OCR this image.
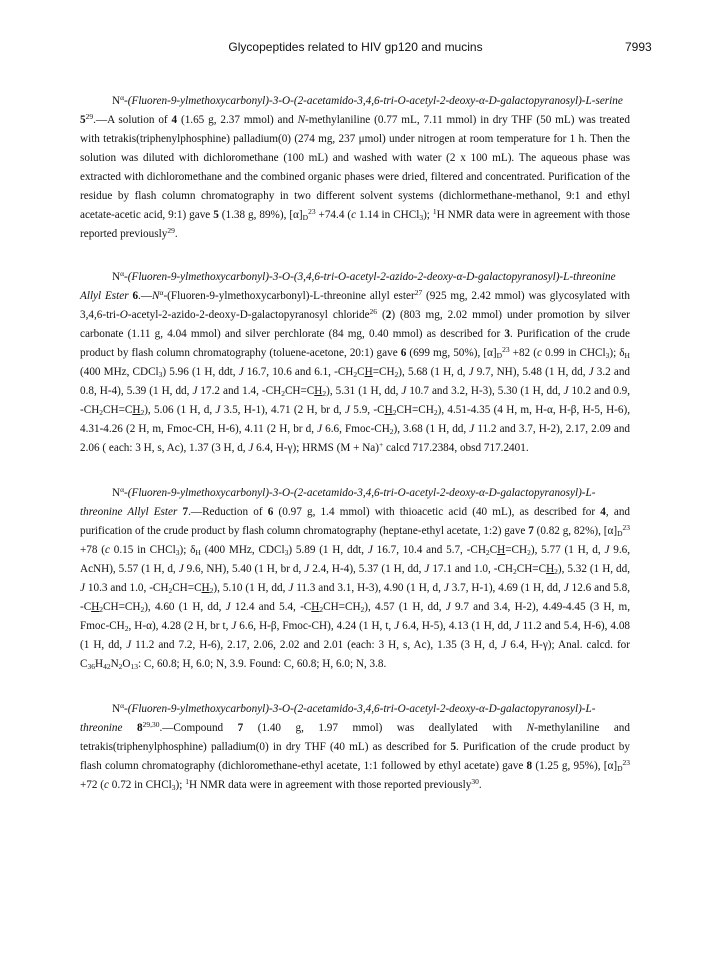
Glycopeptides related to HIV gp120 and mucins	7993

$N^\alpha-(Fluoren-9-ylmethoxycarbonyl)-3-O-(2-acetamido-3,4,6-tri-O-acetyl-2-deoxy-\alpha-D-galactopyranosyl)-L$-serine $5^{29}.—A$ solution of 4 (1.65 g, 2.37 mmol) and N-methylaniline (0.77 mL, 7.11 mmol) in dry THF (50 mL) was treated with tetrakis(triphenylphosphine) palladium(0) (274 mg, 237 μmol) under nitrogen at room temperature for 1 h. Then the solution was diluted with dichloromethane (100 mL) and washed with water (2 x 100 mL). The aqueous phase was extracted with dichloromethane and the combined organic phases were dried, filtered and concentrated. Purification of the residue by flash column chromatography in two different solvent systems (dichlormethane-methanol, 9:1 and ethyl acetate-acetic acid, 9:1) gave 5 (1.38 g, 89%), $[\alpha]_D^{23} +74.4$ (c 1.14 in CHCl$_3$); $^1$H NMR data were in agreement with those reported previously$^{29}$.

$N^\alpha-(Fluoren-9-ylmethoxycarbonyl)-3-O-(3,4,6-tri-O-acetyl-2-azido-2-deoxy-\alpha-D-galactopyranosyl)-L$-threonine Allyl Ester $6.—N^\alpha-(Fluoren-9-ylmethoxycarbonyl)-L$-threonine allyl ester$^{27}$ (925 mg, 2.42 mmol) was glycosylated with 3,4,6-tri-O-acetyl-2-azido-2-deoxy-D-galactopyranosyl chloride$^{26}$ (2) (803 mg, 2.02 mmol) under promotion by silver carbonate (1.11 g, 4.04 mmol) and silver perchlorate (84 mg, 0.40 mmol) as described for 3. Purification of the crude product by flash column chromatography (toluene-acetone, 20:1) gave 6 (699 mg, 50%), $[\alpha]_D^{23} +82$ (c 0.99 in CHCl$_3$); $\delta_H$ (400 MHz, CDCl$_3$) 5.96 (1 H, ddt, J 16.7, 10.6 and 6.1, $-CH_2CH=CH_2$), 5.68 (1 H, d, J 9.7, NH), 5.48 (1 H, dd, J 3.2 and 0.8, H-4), 5.39 (1 H, dd, J 17.2 and 1.4, $-CH_2CH=CH_2$), 5.31 (1 H, dd, J 10.7 and 3.2, H-3), 5.30 (1 H, dd, J 10.2 and 0.9, $-CH_2CH=CH_2$), 5.06 (1 H, d, J 3.5, H-1), 4.71 (2 H, br d, J 5.9, $-CH_2CH=CH_2$), 4.51-4.35 (4 H, m, H-α, H-β, H-5, H-6), 4.31-4.26 (2 H, m, Fmoc-CH, H-6), 4.11 (2 H, br d, J 6.6, Fmoc-$CH_2$), 3.68 (1 H, dd, J 11.2 and 3.7, H-2), 2.17, 2.09 and 2.06 ( each: 3 H, s, Ac), 1.37 (3 H, d, J 6.4, H-γ); HRMS (M + Na)+ calcd 717.2384, obsd 717.2401.

$N^\alpha-(Fluoren-9-ylmethoxycarbonyl)-3-O-(2-acetamido-3,4,6-tri-O-acetyl-2-deoxy-\alpha-D-galactopyranosyl)-L$-threonine Allyl Ester 7.—Reduction of 6 (0.97 g, 1.4 mmol) with thioacetic acid (40 mL), as described for 4, and purification of the crude product by flash column chromatography (heptane-ethyl acetate, 1:2) gave 7 (0.82 g, 82%), $[\alpha]_D^{23} +78$ (c 0.15 in CHCl$_3$); $\delta_H$ (400 MHz, CDCl$_3$) 5.89 (1 H, ddt, J 16.7, 10.4 and 5.7, $-CH_2CH=CH_2$), 5.77 (1 H, d, J 9.6, AcNH), 5.57 (1 H, d, J 9.6, NH), 5.40 (1 H, br d, J 2.4, H-4), 5.37 (1 H, dd, J 17.1 and 1.0, $-CH_2CH=CH_2$), 5.32 (1 H, dd, J 10.3 and 1.0, $-CH_2CH=CH_2$), 5.10 (1 H, dd, J 11.3 and 3.1, H-3), 4.90 (1 H, d, J 3.7, H-1), 4.69 (1 H, dd, J 12.6 and 5.8, $-CH_2CH=CH_2$), 4.60 (1 H, dd, J 12.4 and 5.4, $-CH_2CH=CH_2$), 4.57 (1 H, dd, J 9.7 and 3.4, H-2), 4.49-4.45 (3 H, m, Fmoc-$CH_2$, H-α), 4.28 (2 H, br t, J 6.6, H-β, Fmoc-CH), 4.24 (1 H, t, J 6.4, H-5), 4.13 (1 H, dd, J 11.2 and 5.4, H-6), 4.08 (1 H, dd, J 11.2 and 7.2, H-6), 2.17, 2.06, 2.02 and 2.01 (each: 3 H, s, Ac), 1.35 (3 H, d, J 6.4, H-γ); Anal. calcd. for $C_{36}H_{42}N_2O_{13}$: C, 60.8; H, 6.0; N, 3.9. Found: C, 60.8; H, 6.0; N, 3.8.

$N^\alpha-(Fluoren-9-ylmethoxycarbonyl)-3-O-(2-acetamido-3,4,6-tri-O-acetyl-2-deoxy-\alpha-D-galactopyranosyl)-L$-threonine 8$^{29,30}$.—Compound 7 (1.40 g, 1.97 mmol) was deallylated with N-methylaniline and tetrakis(triphenylphosphine) palladium(0) in dry THF (40 mL) as described for 5. Purification of the crude product by flash column chromatography (dichloromethane-ethyl acetate, 1:1 followed by ethyl acetate) gave 8 (1.25 g, 95%), $[\alpha]_D^{23} +72$ (c 0.72 in CHCl$_3$); $^1$H NMR data were in agreement with those reported previously$^{30}$.
